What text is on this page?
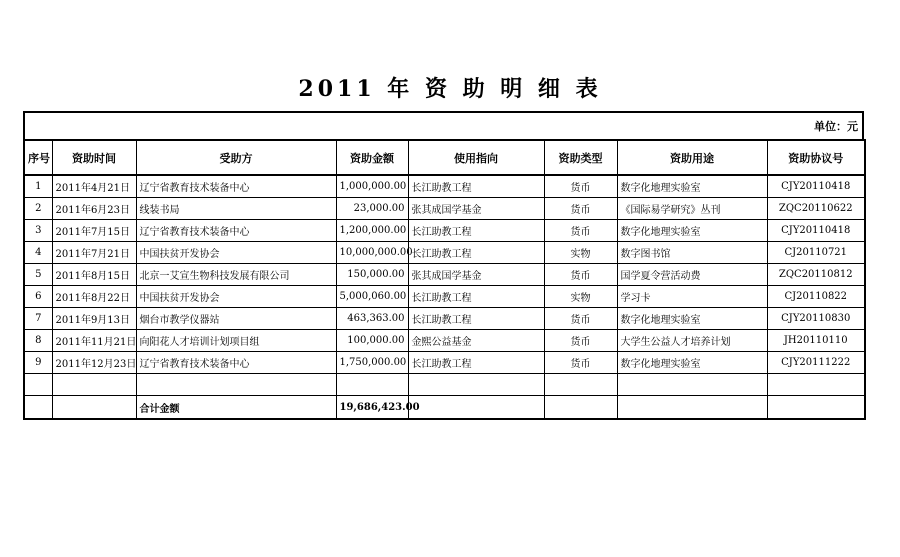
2011 年 资 助 明 细 表
单位：元
序号	资助时间	受助方	资助金额	使用指向	资助类型	资助用途	资助协议号
1	2011年4月21日	辽宁省教育技术装备中心	1,000,000.00	长江助教工程	货币	数字化地理实验室	CJY20110418
2	2011年6月23日	线装书局	23,000.00	张其成国学基金	货币	《国际易学研究》丛刊	ZQC20110622
3	2011年7月15日	辽宁省教育技术装备中心	1,200,000.00	长江助教工程	货币	数字化地理实验室	CJY20110418
4	2011年7月21日	中国扶贫开发协会	10,000,000.00	长江助教工程	实物	数字图书馆	CJ20110721
5	2011年8月15日	北京一艾宣生物科技发展有限公司	150,000.00	张其成国学基金	货币	国学夏令营活动费	ZQC20110812
6	2011年8月22日	中国扶贫开发协会	5,000,060.00	长江助教工程	实物	学习卡	CJ20110822
7	2011年9月13日	烟台市教学仪器站	463,363.00	长江助教工程	货币	数字化地理实验室	CJY20110830
8	2011年11月21日	向阳花人才培训计划项目组	100,000.00	金熙公益基金	货币	大学生公益人才培养计划	JH20110110
9	2011年12月23日	辽宁省教育技术装备中心	1,750,000.00	长江助教工程	货币	数字化地理实验室	CJY20111222

		合计金额	19,686,423.00				
